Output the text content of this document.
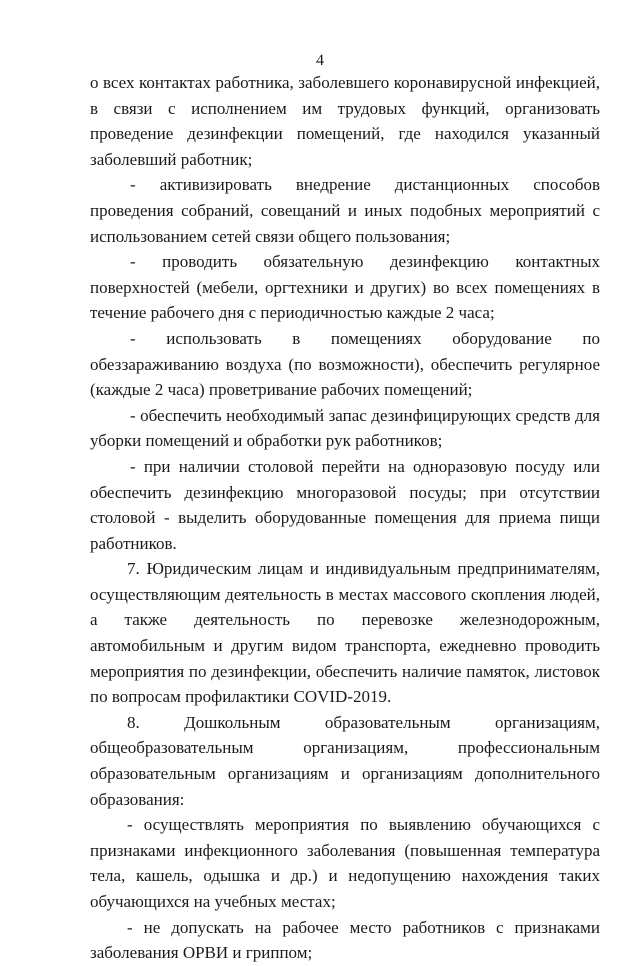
4

о всех контактах работника, заболевшего коронавирусной инфекцией, в связи с исполнением им трудовых функций, организовать проведение дезинфекции помещений, где находился указанный заболевший работник;

- активизировать внедрение дистанционных способов проведения собраний, совещаний и иных подобных мероприятий с использованием сетей связи общего пользования;

- проводить обязательную дезинфекцию контактных поверхностей (мебели, оргтехники и других) во всех помещениях в течение рабочего дня с периодичностью каждые 2 часа;

- использовать в помещениях оборудование по обеззараживанию воздуха (по возможности), обеспечить регулярное (каждые 2 часа) проветривание рабочих помещений;

- обеспечить необходимый запас дезинфицирующих средств для уборки помещений и обработки рук работников;

- при наличии столовой перейти на одноразовую посуду или обеспечить дезинфекцию многоразовой посуды; при отсутствии столовой - выделить оборудованные помещения для приема пищи работников.

7. Юридическим лицам и индивидуальным предпринимателям, осуществляющим деятельность в местах массового скопления людей, а также деятельность по перевозке железнодорожным, автомобильным и другим видом транспорта, ежедневно проводить мероприятия по дезинфекции, обеспечить наличие памяток, листовок по вопросам профилактики COVID-2019.

8. Дошкольным образовательным организациям, общеобразовательным организациям, профессиональным образовательным организациям и организациям дополнительного образования:

- осуществлять мероприятия по выявлению обучающихся с признаками инфекционного заболевания (повышенная температура тела, кашель, одышка и др.) и недопущению нахождения таких обучающихся на учебных местах;

- не допускать на рабочее место работников с признаками заболевания ОРВИ и гриппом;
